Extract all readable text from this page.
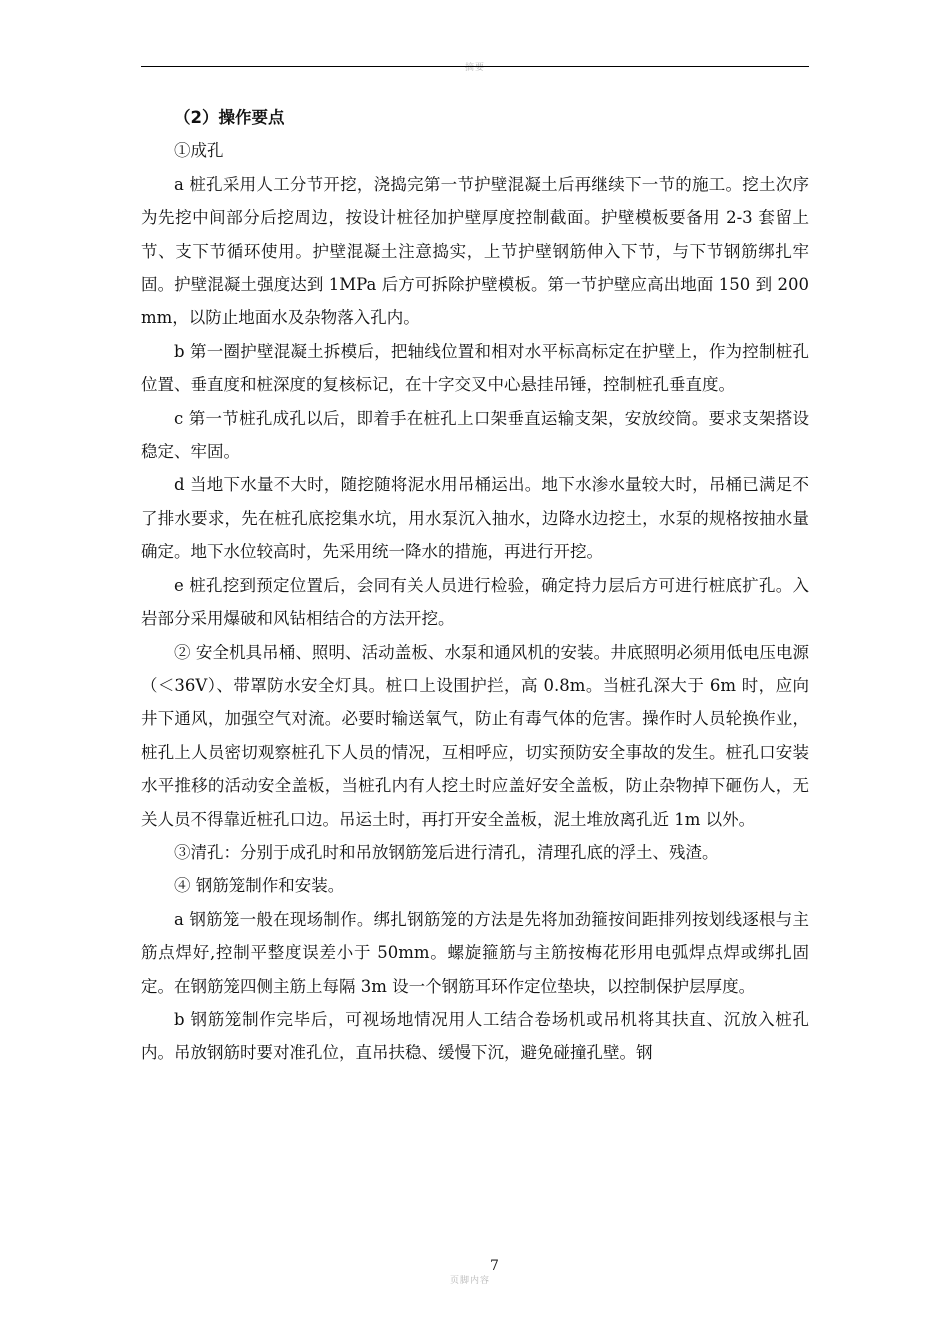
摘要

（2）操作要点

①成孔

a 桩孔采用人工分节开挖，浇捣完第一节护壁混凝土后再继续下一节的施工。挖土次序为先挖中间部分后挖周边，按设计桩径加护壁厚度控制截面。护壁模板要备用 2-3 套留上节、支下节循环使用。护壁混凝土注意捣实，上节护壁钢筋伸入下节，与下节钢筋绑扎牢固。护壁混凝土强度达到 1MPa 后方可拆除护壁模板。第一节护壁应高出地面 150 到 200mm，以防止地面水及杂物落入孔内。

b 第一圈护壁混凝土拆模后，把轴线位置和相对水平标高标定在护壁上，作为控制桩孔位置、垂直度和桩深度的复核标记，在十字交叉中心悬挂吊锤，控制桩孔垂直度。

c 第一节桩孔成孔以后，即着手在桩孔上口架垂直运输支架，安放绞筒。要求支架搭设稳定、牢固。

d 当地下水量不大时，随挖随将泥水用吊桶运出。地下水渗水量较大时，吊桶已满足不了排水要求，先在桩孔底挖集水坑，用水泵沉入抽水，边降水边挖土，水泵的规格按抽水量确定。地下水位较高时，先采用统一降水的措施，再进行开挖。

e 桩孔挖到预定位置后，会同有关人员进行检验，确定持力层后方可进行桩底扩孔。入岩部分采用爆破和风钻相结合的方法开挖。

② 安全机具吊桶、照明、活动盖板、水泵和通风机的安装。井底照明必须用低电压电源（＜36V）、带罩防水安全灯具。桩口上设围护拦，高 0.8m。当桩孔深大于 6m 时，应向井下通风，加强空气对流。必要时输送氧气，防止有毒气体的危害。操作时人员轮换作业，桩孔上人员密切观察桩孔下人员的情况，互相呼应，切实预防安全事故的发生。桩孔口安装水平推移的活动安全盖板，当桩孔内有人挖土时应盖好安全盖板，防止杂物掉下砸伤人，无关人员不得靠近桩孔口边。吊运土时，再打开安全盖板，泥土堆放离孔近 1m 以外。

③清孔：分别于成孔时和吊放钢筋笼后进行清孔，清理孔底的浮土、残渣。

④ 钢筋笼制作和安装。

a 钢筋笼一般在现场制作。绑扎钢筋笼的方法是先将加劲箍按间距排列按划线逐根与主筋点焊好,控制平整度误差小于 50mm。螺旋箍筋与主筋按梅花形用电弧焊点焊或绑扎固定。在钢筋笼四侧主筋上每隔 3m 设一个钢筋耳环作定位垫块，以控制保护层厚度。

b 钢筋笼制作完毕后，可视场地情况用人工结合卷场机或吊机将其扶直、沉放入桩孔内。吊放钢筋时要对准孔位，直吊扶稳、缓慢下沉，避免碰撞孔壁。钢

页脚内容
7
